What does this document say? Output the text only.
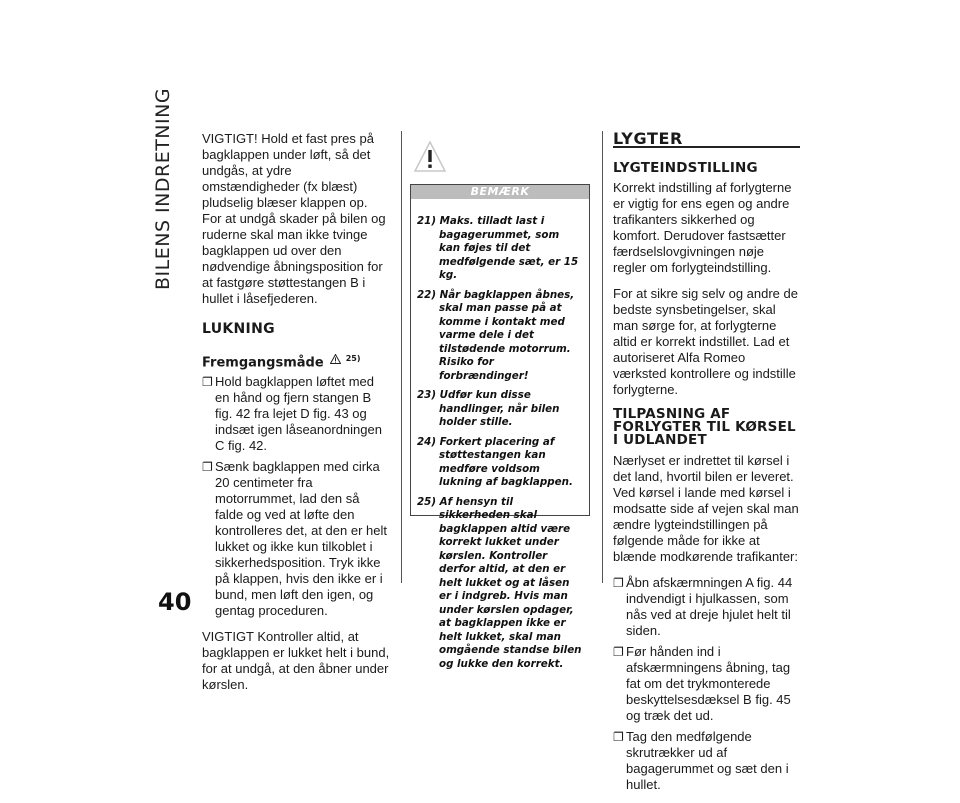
BILENS INDRETNING
40

VIGTIGT! Hold et fast pres på bagklappen under løft, så det undgås, at ydre omstændigheder (fx blæst) pludselig blæser klappen op. For at undgå skader på bilen og ruderne skal man ikke tvinge bagklappen ud over den nødvendige åbningsposition for at fastgøre støttestangen B i hullet i låsefjederen.

LUKNING
Fremgangsmåde	$^{25)}$
❐ Hold bagklappen løftet med en hånd og fjern stangen B fig. 42 fra lejet D fig. 43 og indsæt igen låseanordningen C fig. 42.
❐ Sænk bagklappen med cirka 20 centimeter fra motorrummet, lad den så falde og ved at løfte den kontrolleres det, at den er helt lukket og ikke kun tilkoblet i sikkerhedsposition. Tryk ikke på klappen, hvis den ikke er i bund, men løft den igen, og gentag proceduren.

VIGTIGT Kontroller altid, at bagklappen er lukket helt i bund, for at undgå, at den åbner under kørslen.

BEMÆRK
21) Maks. tilladt last i bagagerummet, som kan føjes til det medfølgende sæt, er 15 kg.
22) Når bagklappen åbnes, skal man passe på at komme i kontakt med varme dele i det tilstødende motorrum. Risiko for forbrændinger!
23) Udfør kun disse handlinger, når bilen holder stille.
24) Forkert placering af støttestangen kan medføre voldsom lukning af bagklappen.
25) Af hensyn til sikkerheden skal bagklappen altid være korrekt lukket under kørslen. Kontroller derfor altid, at den er helt lukket og at låsen er i indgreb. Hvis man under kørslen opdager, at bagklappen ikke er helt lukket, skal man omgående standse bilen og lukke den korrekt.
LYGTER
LYGTEINDSTILLING

Korrekt indstilling af forlygterne er vigtig for ens egen og andre trafikanters sikkerhed og komfort. Derudover fastsætter færdselslovgivningen nøje regler om forlygteindstilling.

For at sikre sig selv og andre de bedste synsbetingelser, skal man sørge for, at forlygterne altid er korrekt indstillet. Lad et autoriseret Alfa Romeo værksted kontrollere og indstille forlygterne.

TILPASNING AF FORLYGTER TIL KØRSEL I UDLANDET

Nærlyset er indrettet til kørsel i det land, hvortil bilen er leveret. Ved kørsel i lande med kørsel i modsatte side af vejen skal man ændre lygteindstillingen på følgende måde for ikke at blænde modkørende trafikanter:

❐ Åbn afskærmningen A fig. 44 indvendigt i hjulkassen, som nås ved at dreje hjulet helt til siden.
❐ Før hånden ind i afskærmningens åbning, tag fat om det trykmonterede beskyttelsesdæksel B fig. 45 og træk det ud.
❐ Tag den medfølgende skrutrækker ud af bagagerummet og sæt den i hullet.
